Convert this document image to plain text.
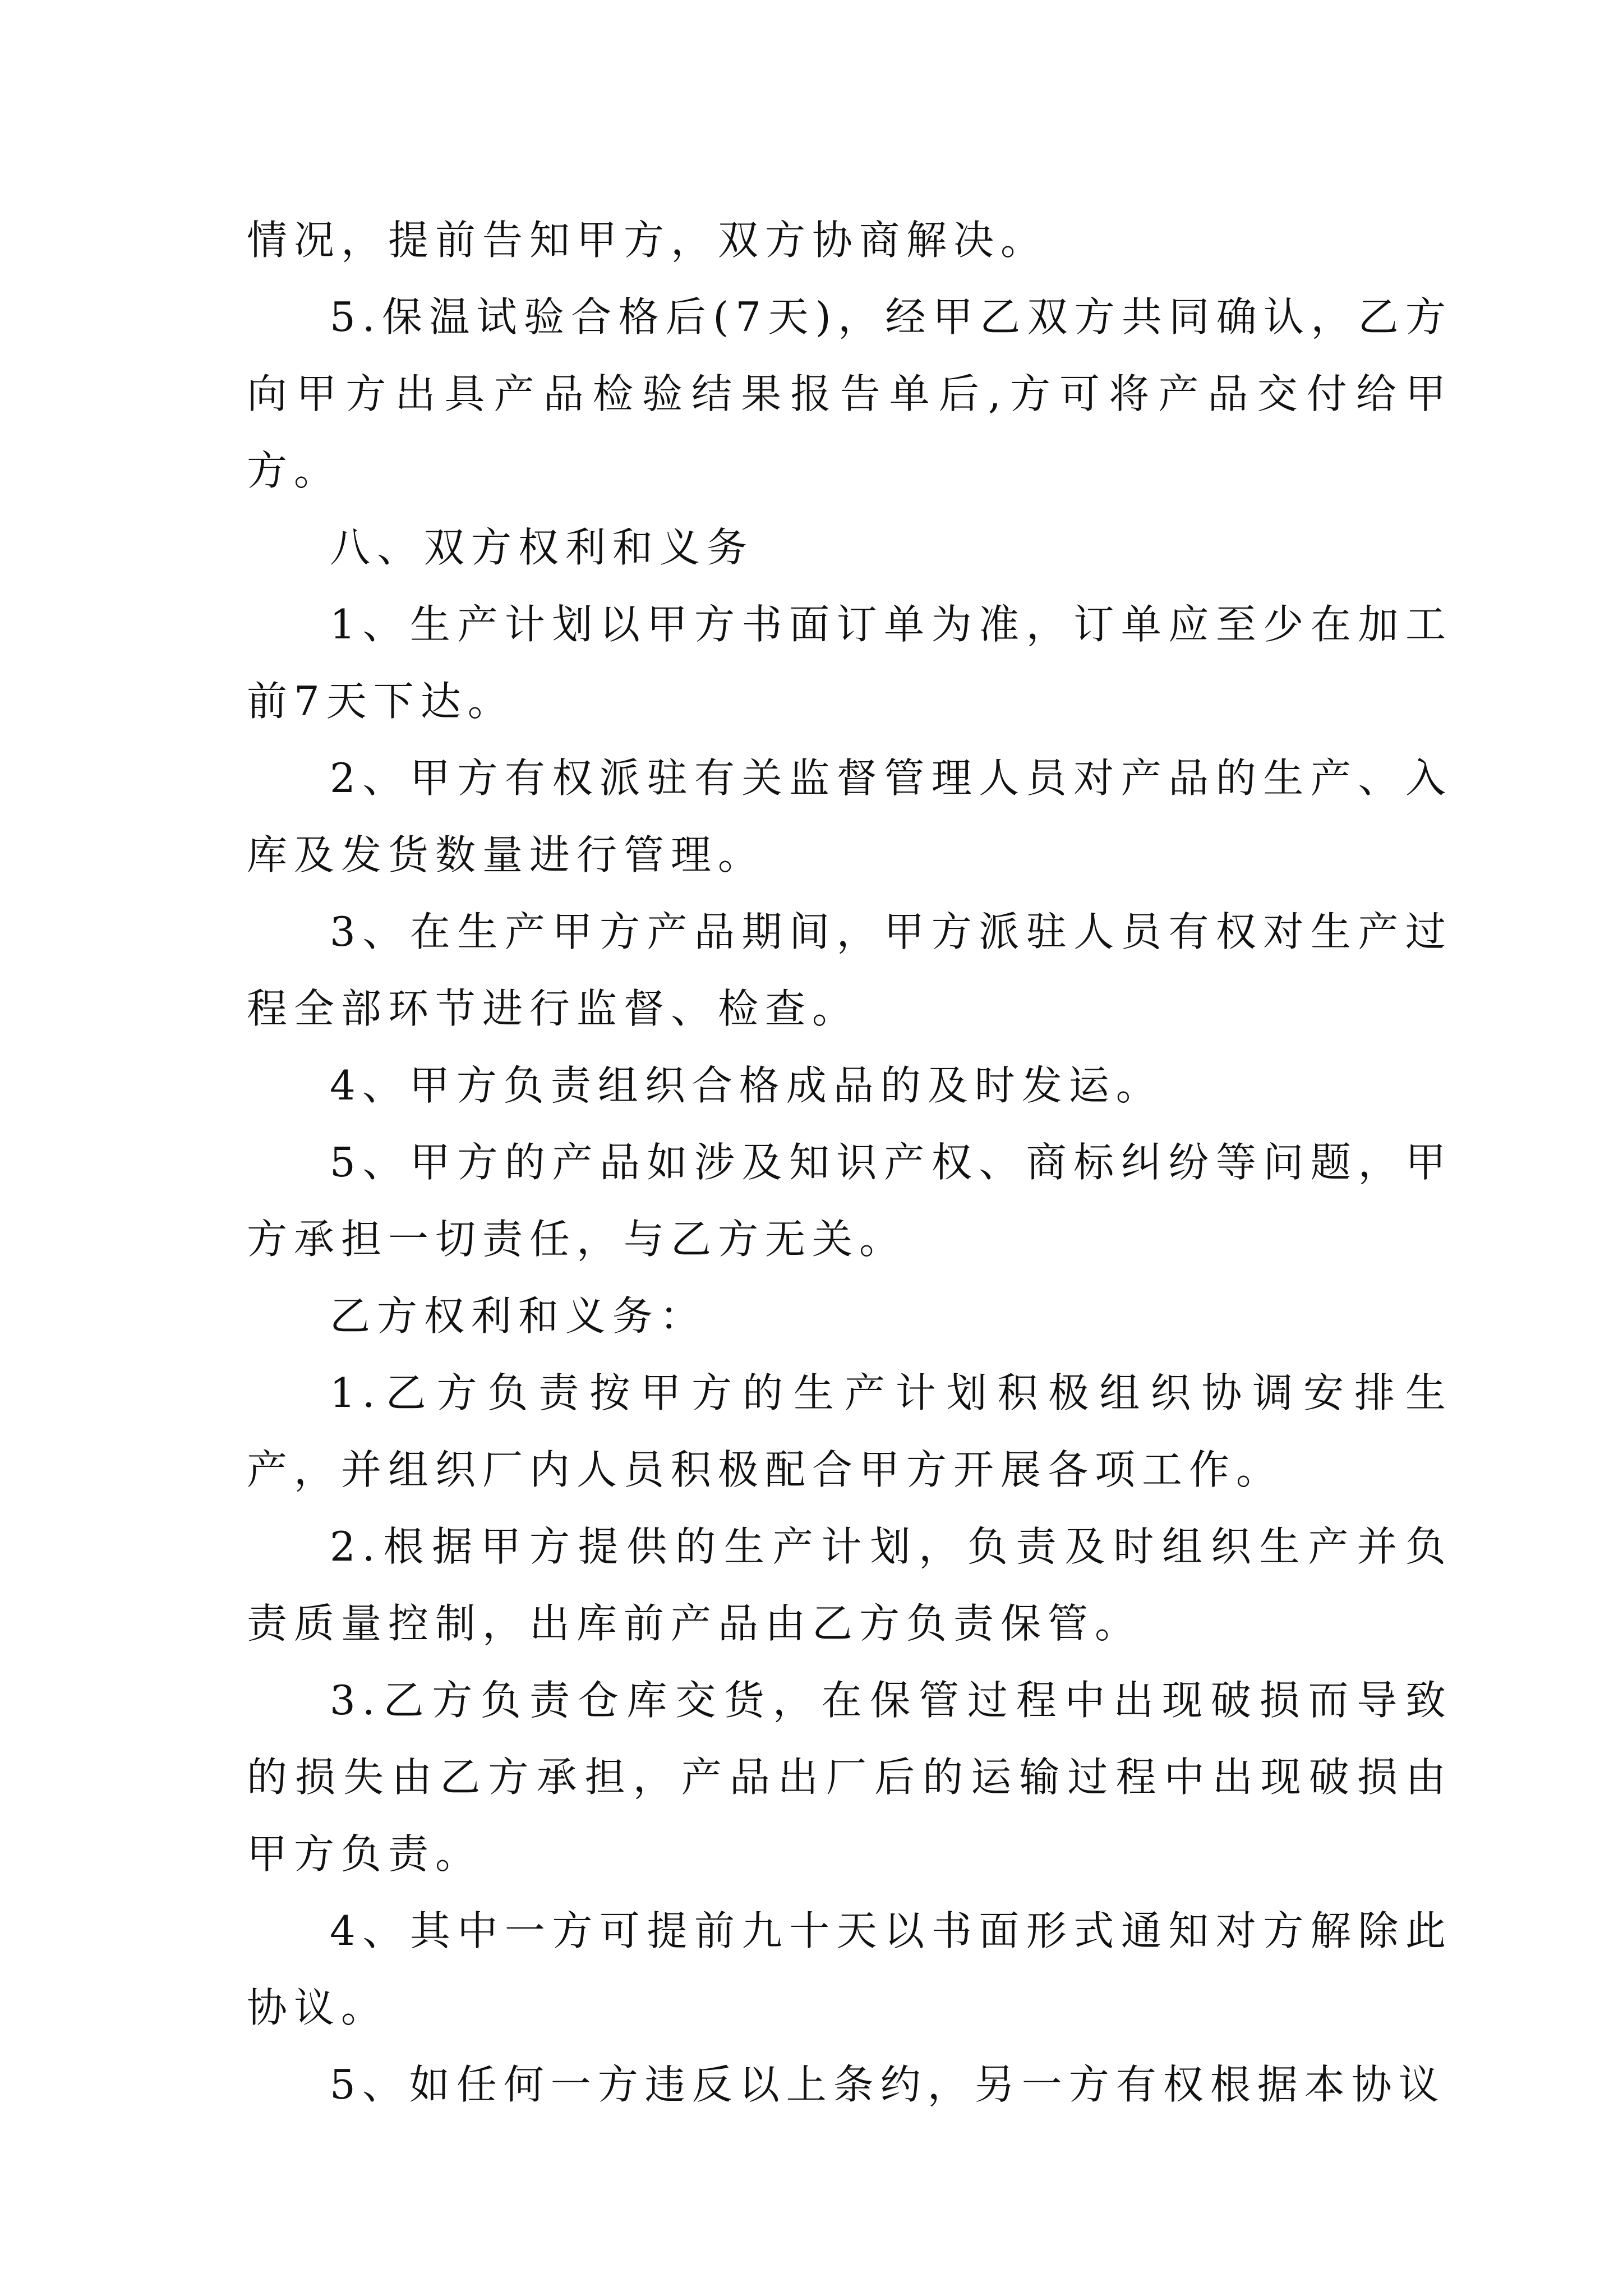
情况，提前告知甲方，双方协商解决。

5.保温试验合格后(7天)，经甲乙双方共同确认，乙方向甲方出具产品检验结果报告单后,方可将产品交付给甲方。

八、双方权利和义务

1、生产计划以甲方书面订单为准，订单应至少在加工前7天下达。

2、甲方有权派驻有关监督管理人员对产品的生产、入库及发货数量进行管理。

3、在生产甲方产品期间，甲方派驻人员有权对生产过程全部环节进行监督、检查。

4、甲方负责组织合格成品的及时发运。

5、甲方的产品如涉及知识产权、商标纠纷等问题，甲方承担一切责任，与乙方无关。

乙方权利和义务：

1.乙方负责按甲方的生产计划积极组织协调安排生产，并组织厂内人员积极配合甲方开展各项工作。

2.根据甲方提供的生产计划，负责及时组织生产并负责质量控制，出库前产品由乙方负责保管。

3.乙方负责仓库交货，在保管过程中出现破损而导致的损失由乙方承担，产品出厂后的运输过程中出现破损由甲方负责。

4、其中一方可提前九十天以书面形式通知对方解除此协议。

5、如任何一方违反以上条约，另一方有权根据本协议
